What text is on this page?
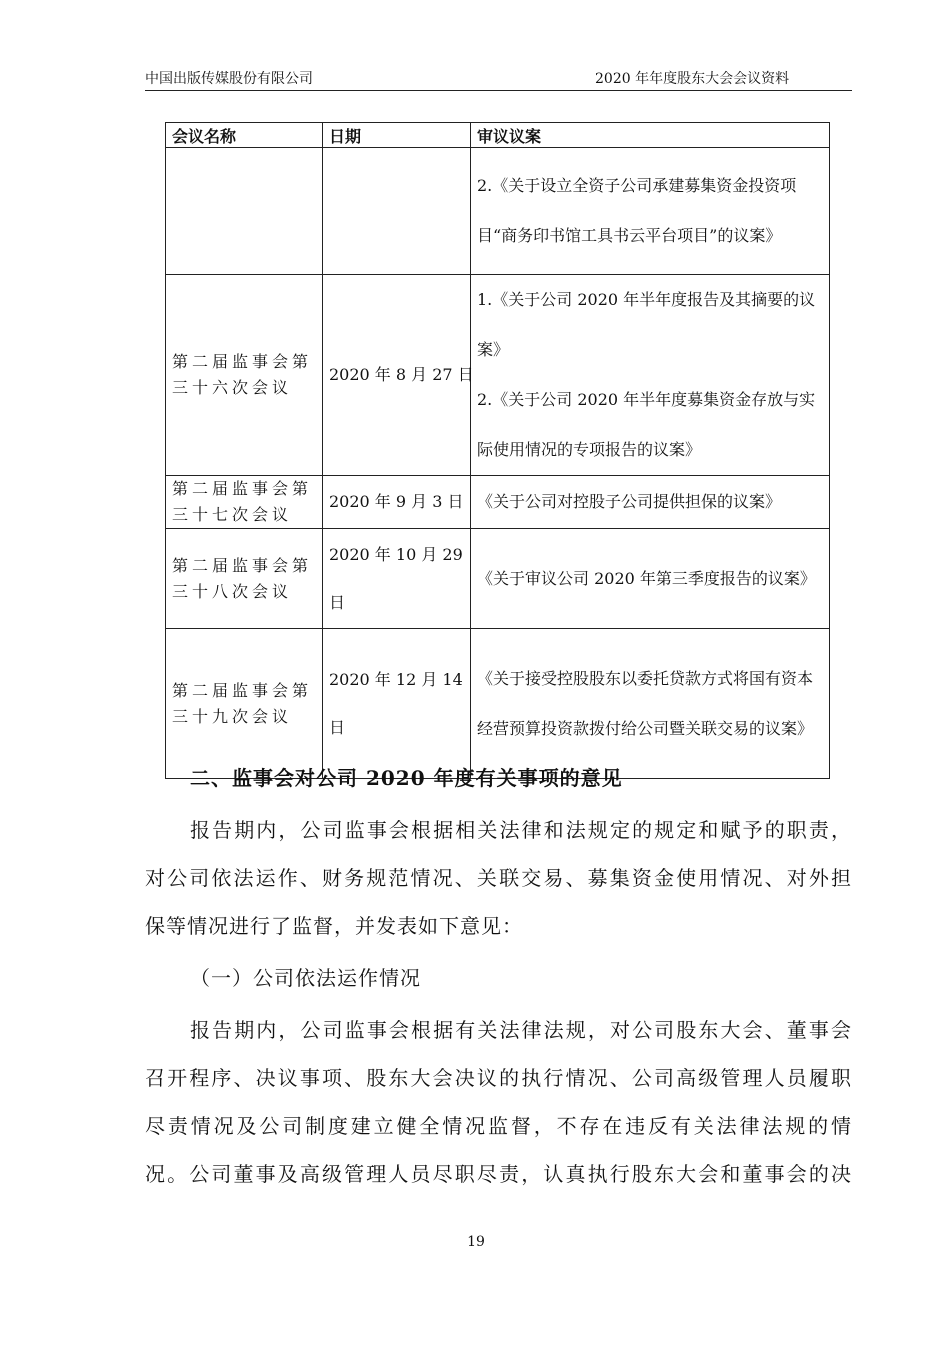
中国出版传媒股份有限公司	2020 年年度股东大会会议资料
会议名称	日期	审议议案

		2.《关于设立全资子公司承建募集资金投资项目“商务印书馆工具书云平台项目”的议案》

第二届监事会第三十六次会议	2020 年 8 月 27 日	1.《关于公司 2020 年半年度报告及其摘要的议案》

2.《关于公司 2020 年半年度募集资金存放与实际使用情况的专项报告的议案》

第二届监事会第三十七次会议	2020 年 9 月 3 日	《关于公司对控股子公司提供担保的议案》

第二届监事会第三十八次会议	2020 年 10 月 29 日	《关于审议公司 2020 年第三季度报告的议案》

第二届监事会第三十九次会议	2020 年 12 月 14 日	《关于接受控股股东以委托贷款方式将国有资本经营预算投资款拨付给公司暨关联交易的议案》

二、监事会对公司 2020 年度有关事项的意见
报告期内，公司监事会根据相关法律和法规定的规定和赋予的职责，
对公司依法运作、财务规范情况、关联交易、募集资金使用情况、对外担
保等情况进行了监督，并发表如下意见：
（一）公司依法运作情况
报告期内，公司监事会根据有关法律法规，对公司股东大会、董事会
召开程序、决议事项、股东大会决议的执行情况、公司高级管理人员履职
尽责情况及公司制度建立健全情况监督，不存在违反有关法律法规的情
况。公司董事及高级管理人员尽职尽责，认真执行股东大会和董事会的决
19
